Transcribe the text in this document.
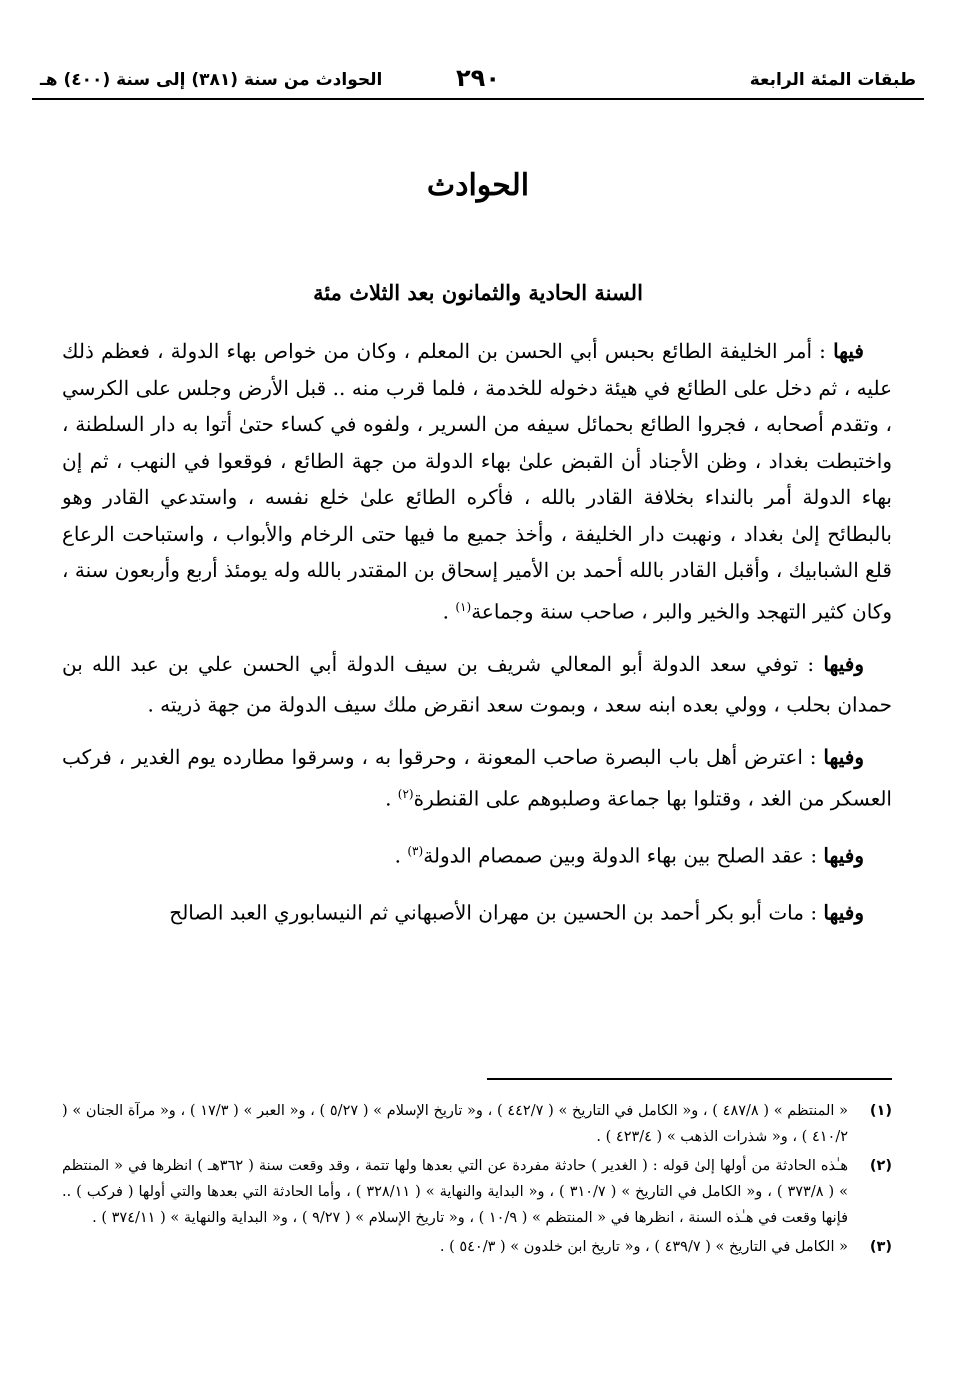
طبقات المئة الرابعة
٢٩٠
الحوادث من سنة (٣٨١) إلى سنة (٤٠٠) هـ
الحوادث
السنة الحادية والثمانون بعد الثلاث مئة

فيها : أمر الخليفة الطائع بحبس أبي الحسن بن المعلم ، وكان من خواص بهاء الدولة ، فعظم ذلك عليه ، ثم دخل على الطائع في هيئة دخوله للخدمة ، فلما قرب منه .. قبل الأرض وجلس على الكرسي ، وتقدم أصحابه ، فجروا الطائع بحمائل سيفه من السرير ، ولفوه في كساء حتىٰ أتوا به دار السلطنة ، واختبطت بغداد ، وظن الأجناد أن القبض علىٰ بهاء الدولة من جهة الطائع ، فوقعوا في النهب ، ثم إن بهاء الدولة أمر بالنداء بخلافة القادر بالله ، فأكره الطائع علىٰ خلع نفسه ، واستدعي القادر وهو بالبطائح إلىٰ بغداد ، ونهبت دار الخليفة ، وأخذ جميع ما فيها حتى الرخام والأبواب ، واستباحت الرعاع قلع الشبابيك ، وأقبل القادر بالله أحمد بن الأمير إسحاق بن المقتدر بالله وله يومئذ أربع وأربعون سنة ، وكان كثير التهجد والخير والبر ، صاحب سنة وجماعة$^{(١)}$ .

وفيها : توفي سعد الدولة أبو المعالي شريف بن سيف الدولة أبي الحسن علي بن عبد الله بن حمدان بحلب ، وولي بعده ابنه سعد ، وبموت سعد انقرض ملك سيف الدولة من جهة ذريته .

وفيها : اعترض أهل باب البصرة صاحب المعونة ، وحرقوا به ، وسرقوا مطارده يوم الغدير ، فركب العسكر من الغد ، وقتلوا بها جماعة وصلبوهم على القنطرة$^{(٢)}$ .

وفيها : عقد الصلح بين بهاء الدولة وبين صمصام الدولة$^{(٣)}$ .

وفيها : مات أبو بكر أحمد بن الحسين بن مهران الأصبهاني ثم النيسابوري العبد الصالح

(١)
« المنتظم » ( ٤٨٧/٨ ) ، و« الكامل في التاريخ » ( ٤٤٢/٧ ) ، و« تاريخ الإسلام » ( ٥/٢٧ ) ، و« العبر » ( ١٧/٣ ) ، و« مرآة الجنان » ( ٤١٠/٢ ) ، و« شذرات الذهب » ( ٤٢٣/٤ ) .
(٢)
هـٰذه الحادثة من أولها إلىٰ قوله : ( الغدير ) حادثة مفردة عن التي بعدها ولها تتمة ، وقد وقعت سنة ( ٣٦٢هـ ) انظرها في « المنتظم » ( ٣٧٣/٨ ) ، و« الكامل في التاريخ » ( ٣١٠/٧ ) ، و« البداية والنهاية » ( ٣٢٨/١١ ) ، وأما الحادثة التي بعدها والتي أولها ( فركب ) .. فإنها وقعت في هـٰذه السنة ، انظرها في « المنتظم » ( ١٠/٩ ) ، و« تاريخ الإسلام » ( ٩/٢٧ ) ، و« البداية والنهاية » ( ٣٧٤/١١ ) .
(٣)
« الكامل في التاريخ » ( ٤٣٩/٧ ) ، و« تاريخ ابن خلدون » ( ٥٤٠/٣ ) .
